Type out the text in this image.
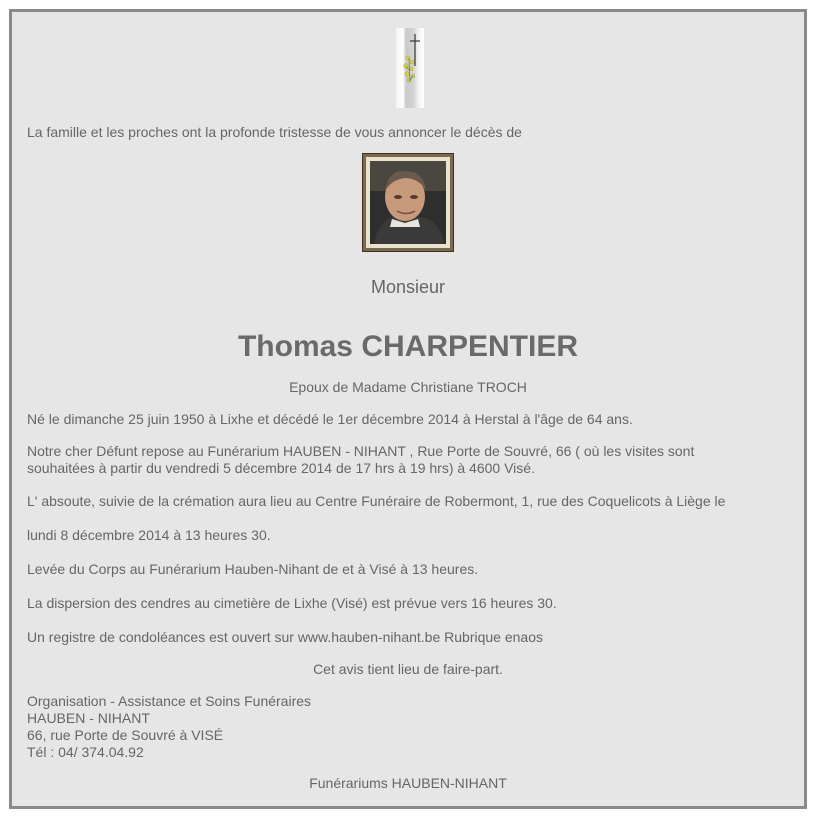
La famille et les proches ont la profonde tristesse de vous annoncer le décès de
Monsieur
Thomas CHARPENTIER
Epoux de Madame Christiane TROCH
Né le dimanche 25 juin 1950 à Lixhe et décédé le 1er décembre 2014 à Herstal à l'âge de 64 ans.
Notre cher Défunt repose au Funérarium HAUBEN - NIHANT , Rue Porte de Souvré, 66 ( où les visites sont souhaitées à partir du vendredi 5 décembre 2014 de 17 hrs à 19 hrs) à 4600 Visé.
L' absoute, suivie de la crémation aura lieu au Centre Funéraire de Robermont, 1, rue des Coquelicots à Liège le
lundi 8 décembre 2014 à 13 heures 30.
Levée du Corps au Funérarium Hauben-Nihant de et à Visé à 13 heures.
La dispersion des cendres au cimetière de Lixhe (Visé) est prévue vers 16 heures 30.
Un registre de condoléances est ouvert sur www.hauben-nihant.be Rubrique enaos
Cet avis tient lieu de faire-part.
Organisation - Assistance et Soins Funéraires
HAUBEN - NIHANT
66, rue Porte de Souvré à VISÉ
Tél : 04/ 374.04.92
Funérariums HAUBEN-NIHANT
